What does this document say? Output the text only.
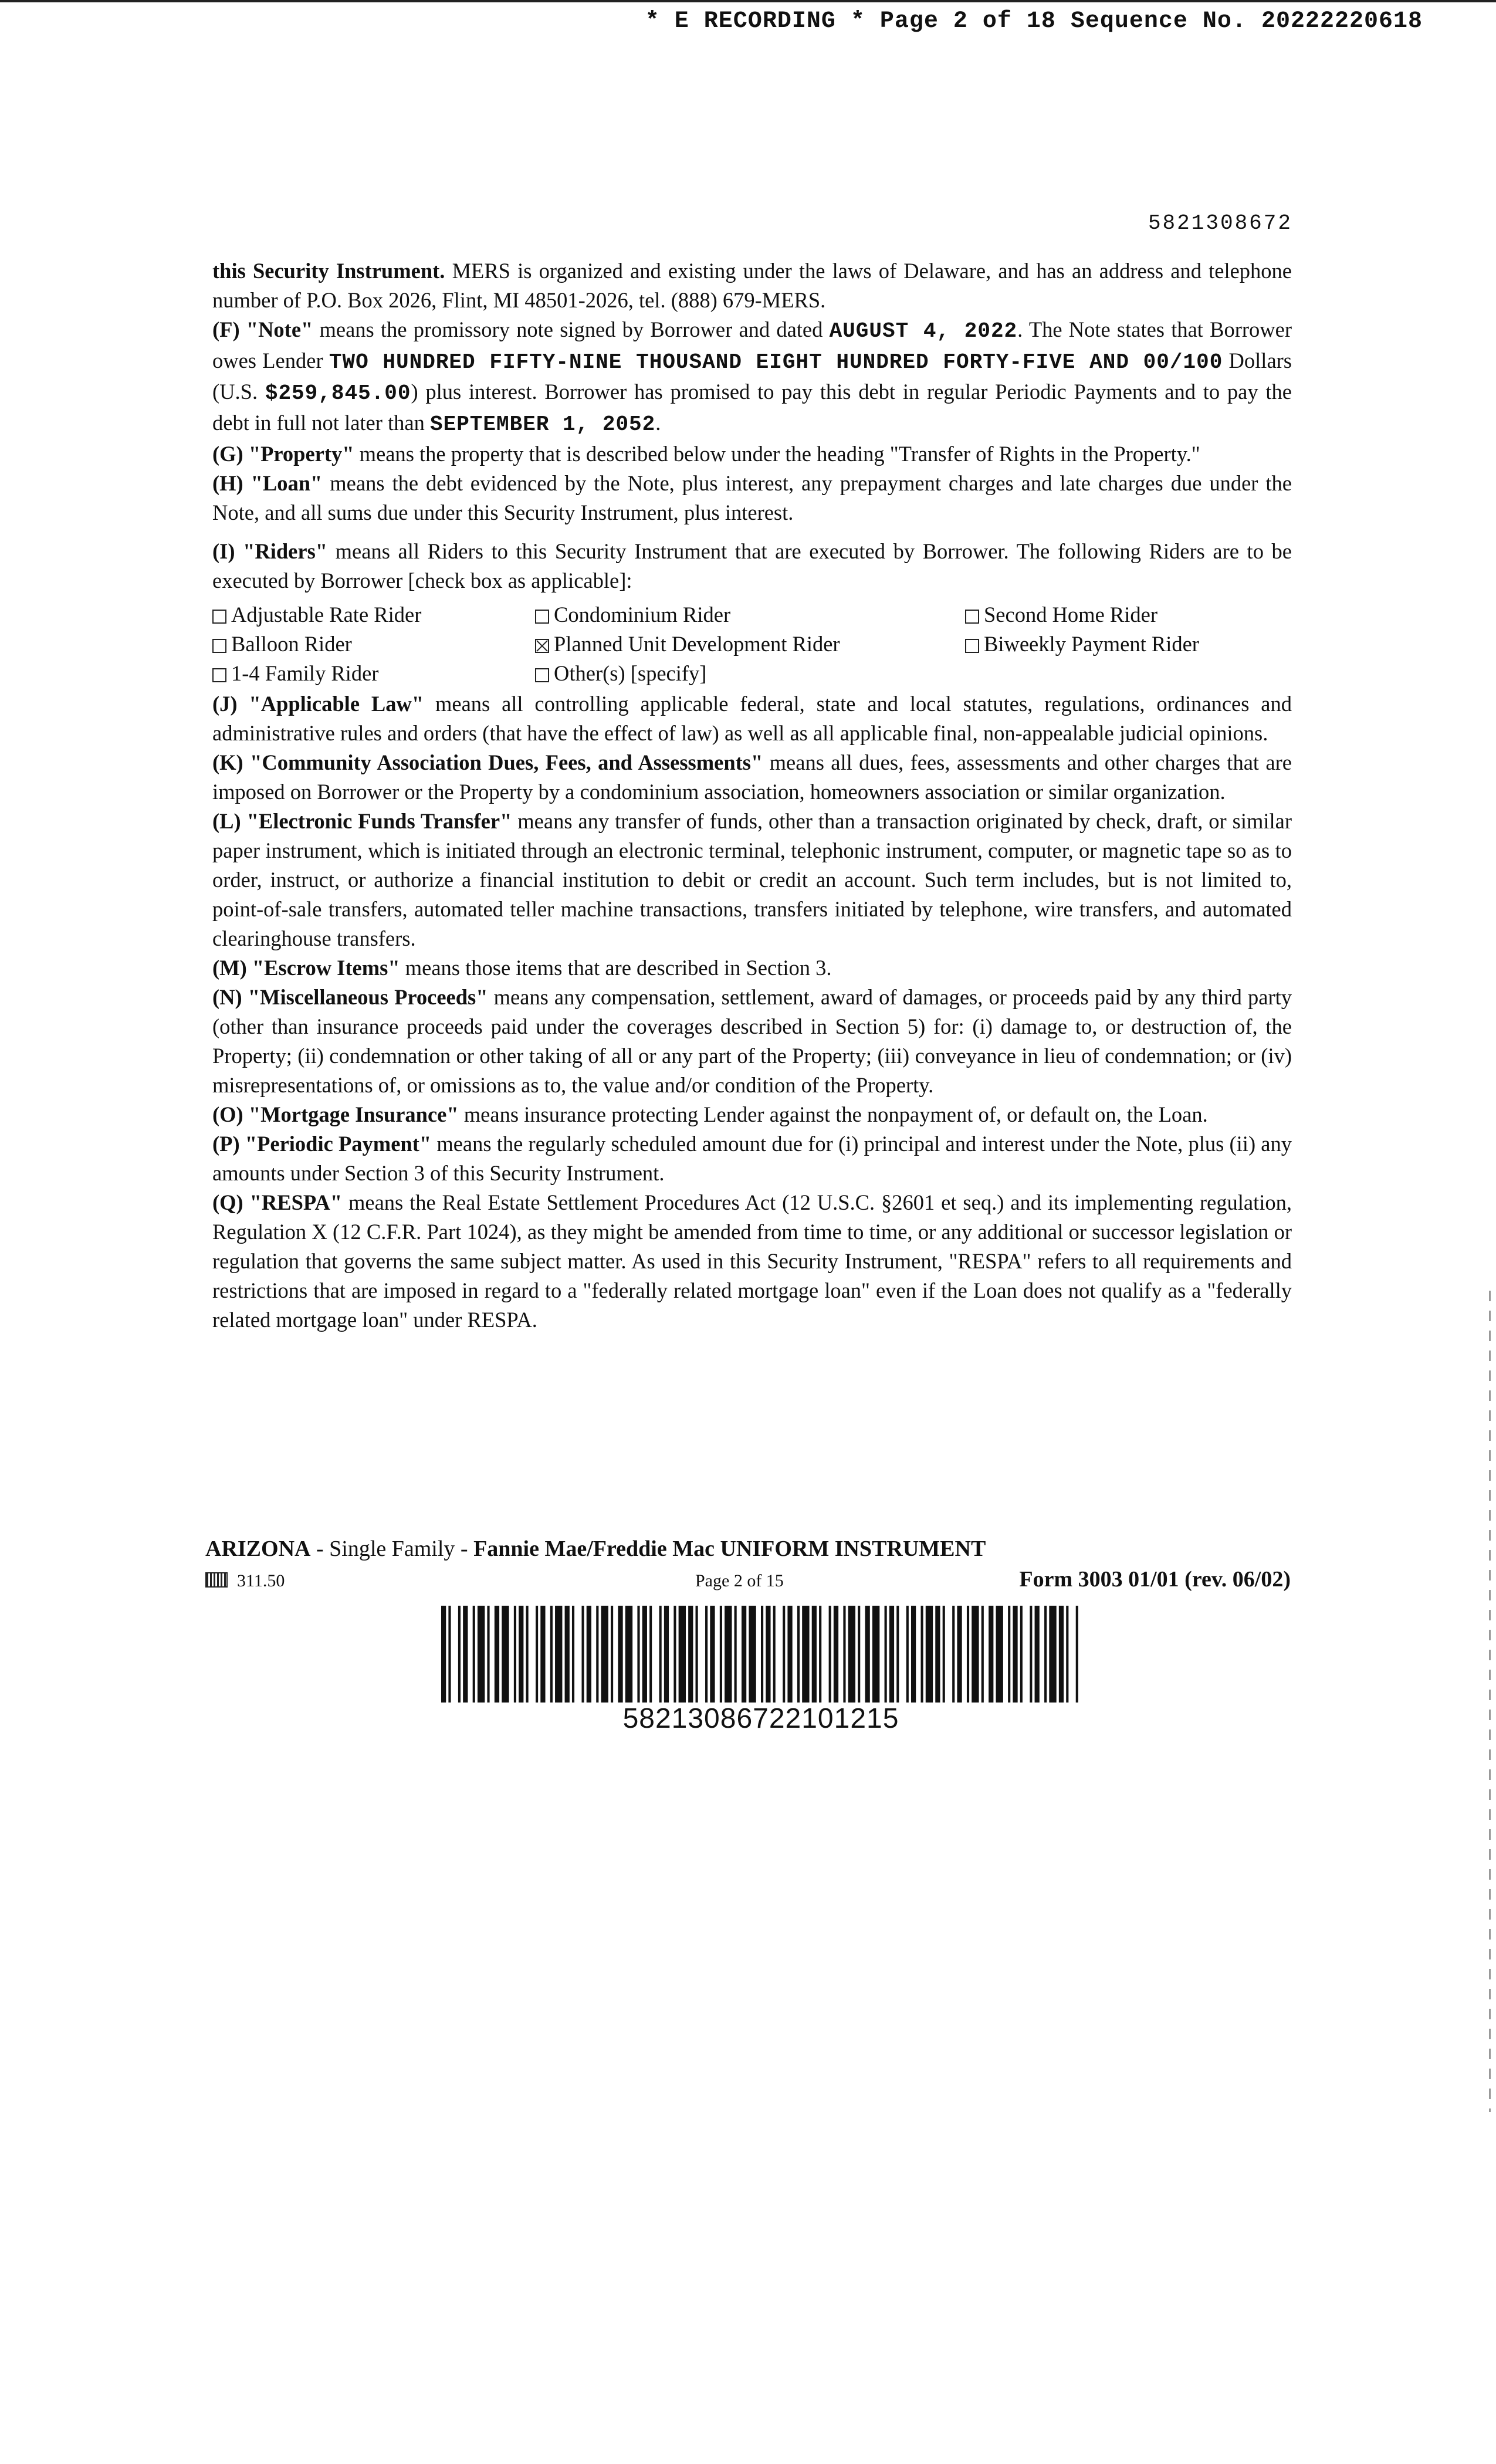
* E RECORDING * Page 2 of 18 Sequence No. 20222220618
5821308672

this Security Instrument. MERS is organized and existing under the laws of Delaware, and has an address and telephone number of P.O. Box 2026, Flint, MI 48501-2026, tel. (888) 679-MERS.

(F) "Note" means the promissory note signed by Borrower and dated AUGUST 4, 2022. The Note states that Borrower owes Lender TWO HUNDRED FIFTY-NINE THOUSAND EIGHT HUNDRED FORTY-FIVE AND 00/100 Dollars (U.S. $259,845.00) plus interest. Borrower has promised to pay this debt in regular Periodic Payments and to pay the debt in full not later than SEPTEMBER 1, 2052.

(G) "Property" means the property that is described below under the heading "Transfer of Rights in the Property."

(H) "Loan" means the debt evidenced by the Note, plus interest, any prepayment charges and late charges due under the Note, and all sums due under this Security Instrument, plus interest.

(I) "Riders" means all Riders to this Security Instrument that are executed by Borrower. The following Riders are to be executed by Borrower [check box as applicable]:

Adjustable Rate Rider	Condominium Rider	Second Home Rider
Balloon Rider	Planned Unit Development Rider	Biweekly Payment Rider
1-4 Family Rider	Other(s) [specify]

(J) "Applicable Law" means all controlling applicable federal, state and local statutes, regulations, ordinances and administrative rules and orders (that have the effect of law) as well as all applicable final, non-appealable judicial opinions.

(K) "Community Association Dues, Fees, and Assessments" means all dues, fees, assessments and other charges that are imposed on Borrower or the Property by a condominium association, homeowners association or similar organization.

(L) "Electronic Funds Transfer" means any transfer of funds, other than a transaction originated by check, draft, or similar paper instrument, which is initiated through an electronic terminal, telephonic instrument, computer, or magnetic tape so as to order, instruct, or authorize a financial institution to debit or credit an account. Such term includes, but is not limited to, point-of-sale transfers, automated teller machine transactions, transfers initiated by telephone, wire transfers, and automated clearinghouse transfers.

(M) "Escrow Items" means those items that are described in Section 3.

(N) "Miscellaneous Proceeds" means any compensation, settlement, award of damages, or proceeds paid by any third party (other than insurance proceeds paid under the coverages described in Section 5) for: (i) damage to, or destruction of, the Property; (ii) condemnation or other taking of all or any part of the Property; (iii) conveyance in lieu of condemnation; or (iv) misrepresentations of, or omissions as to, the value and/or condition of the Property.

(O) "Mortgage Insurance" means insurance protecting Lender against the nonpayment of, or default on, the Loan.

(P) "Periodic Payment" means the regularly scheduled amount due for (i) principal and interest under the Note, plus (ii) any amounts under Section 3 of this Security Instrument.

(Q) "RESPA" means the Real Estate Settlement Procedures Act (12 U.S.C. §2601 et seq.) and its implementing regulation, Regulation X (12 C.F.R. Part 1024), as they might be amended from time to time, or any additional or successor legislation or regulation that governs the same subject matter. As used in this Security Instrument, "RESPA" refers to all requirements and restrictions that are imposed in regard to a "federally related mortgage loan" even if the Loan does not qualify as a "federally related mortgage loan" under RESPA.

ARIZONA - Single Family - Fannie Mae/Freddie Mac UNIFORM INSTRUMENT
311.50	Page 2 of 15	Form 3003 01/01 (rev. 06/02)
58213086722101215
